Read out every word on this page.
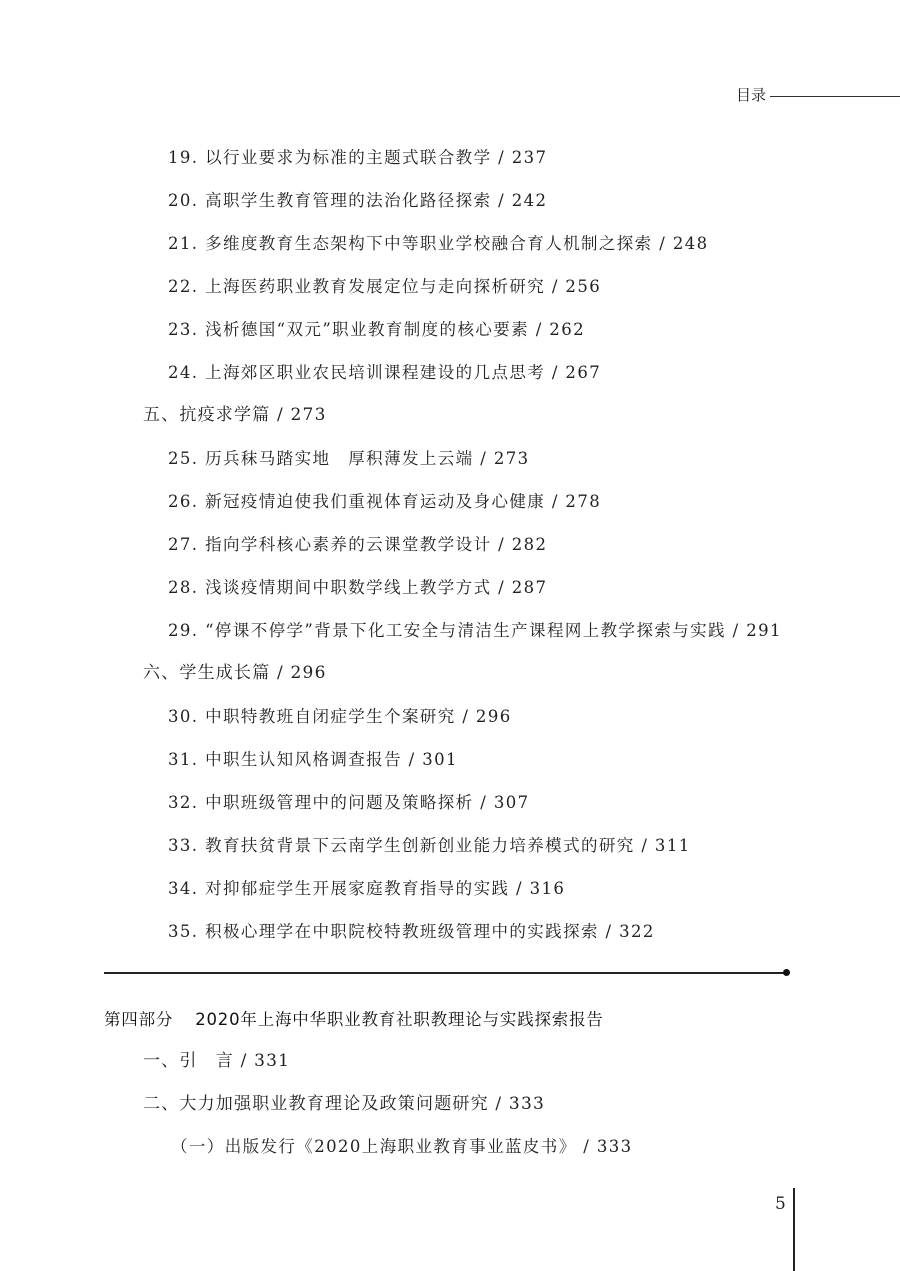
目录
19. 以行业要求为标准的主题式联合教学 / 237
20. 高职学生教育管理的法治化路径探索 / 242
21. 多维度教育生态架构下中等职业学校融合育人机制之探索 / 248
22. 上海医药职业教育发展定位与走向探析研究 / 256
23. 浅析德国“双元”职业教育制度的核心要素 / 262
24. 上海郊区职业农民培训课程建设的几点思考 / 267
五、抗疫求学篇 / 273
25. 历兵秣马踏实地　厚积薄发上云端 / 273
26. 新冠疫情迫使我们重视体育运动及身心健康 / 278
27. 指向学科核心素养的云课堂教学设计 / 282
28. 浅谈疫情期间中职数学线上教学方式 / 287
29. “停课不停学”背景下化工安全与清洁生产课程网上教学探索与实践 / 291
六、学生成长篇 / 296
30. 中职特教班自闭症学生个案研究 / 296
31. 中职生认知风格调查报告 / 301
32. 中职班级管理中的问题及策略探析 / 307
33. 教育扶贫背景下云南学生创新创业能力培养模式的研究 / 311
34. 对抑郁症学生开展家庭教育指导的实践 / 316
35. 积极心理学在中职院校特教班级管理中的实践探索 / 322
第四部分 2020年上海中华职业教育社职教理论与实践探索报告
一、引　言 / 331
二、大力加强职业教育理论及政策问题研究 / 333
（一）出版发行《2020上海职业教育事业蓝皮书》 / 333
5
